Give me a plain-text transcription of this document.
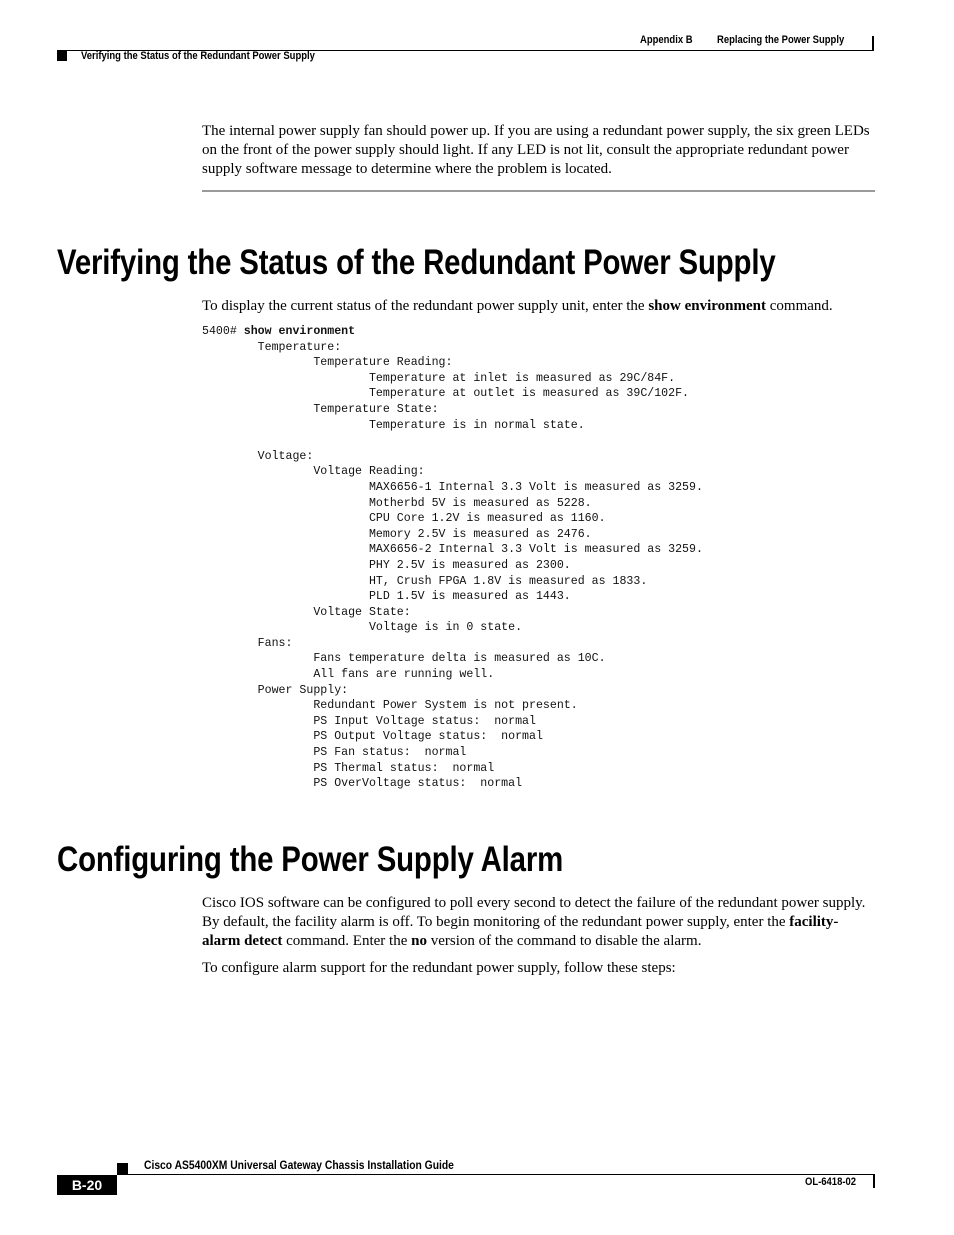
Appendix B Replacing the Power Supply
Verifying the Status of the Redundant Power Supply

The internal power supply fan should power up. If you are using a redundant power supply, the six green LEDs on the front of the power supply should light. If any LED is not lit, consult the appropriate redundant power supply software message to determine where the problem is located.

Verifying the Status of the Redundant Power Supply

To display the current status of the redundant power supply unit, enter the show environment command.

5400# show environment
Temperature:
Temperature Reading:
Temperature at inlet is measured as 29C/84F.
Temperature at outlet is measured as 39C/102F.
Temperature State:
Temperature is in normal state.

Voltage:
Voltage Reading:
MAX6656-1 Internal 3.3 Volt is measured as 3259.
Motherbd 5V is measured as 5228.
CPU Core 1.2V is measured as 1160.
Memory 2.5V is measured as 2476.
MAX6656-2 Internal 3.3 Volt is measured as 3259.
PHY 2.5V is measured as 2300.
HT, Crush FPGA 1.8V is measured as 1833.
PLD 1.5V is measured as 1443.
Voltage State:
Voltage is in 0 state.
Fans:
Fans temperature delta is measured as 10C.
All fans are running well.
Power Supply:
Redundant Power System is not present.
PS Input Voltage status:  normal
PS Output Voltage status:  normal
PS Fan status:  normal
PS Thermal status:  normal
PS OverVoltage status:  normal
Configuring the Power Supply Alarm

Cisco IOS software can be configured to poll every second to detect the failure of the redundant power supply. By default, the facility alarm is off. To begin monitoring of the redundant power supply, enter the facility-alarm detect command. Enter the no version of the command to disable the alarm.

To configure alarm support for the redundant power supply, follow these steps:

Cisco AS5400XM Universal Gateway Chassis Installation Guide
B-20	OL-6418-02
